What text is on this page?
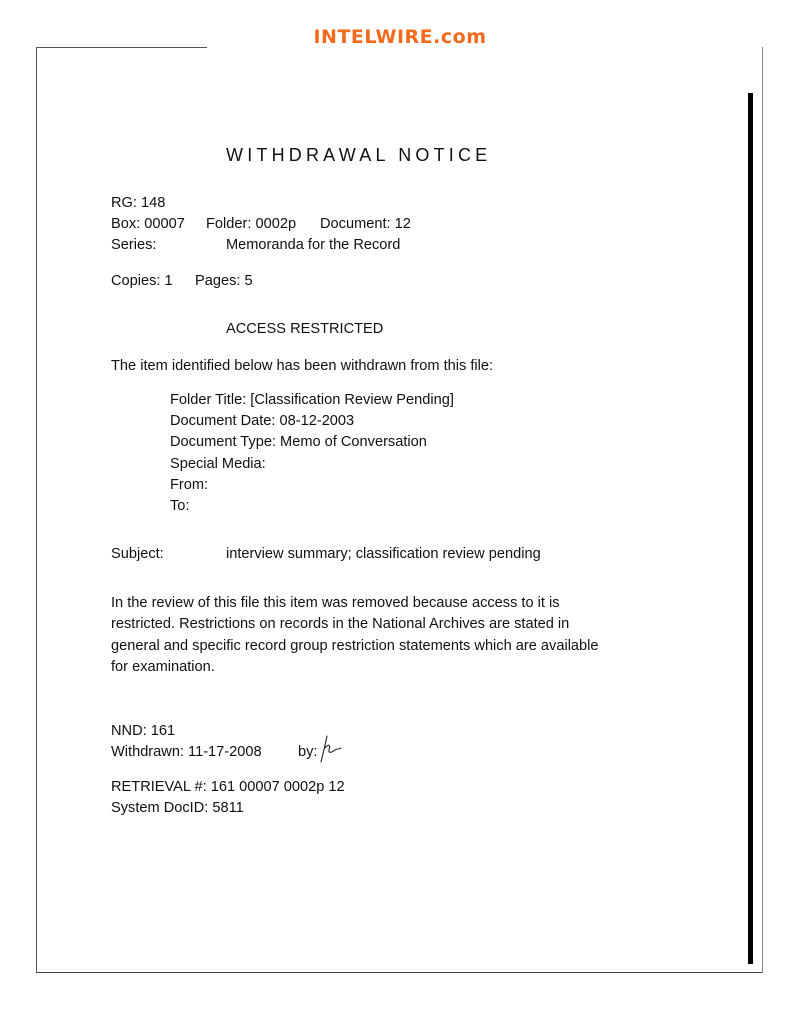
INTELWIRE.com
WITHDRAWAL NOTICE
RG: 148
Box: 00007 Folder: 0002p Document: 12
Series:	Memoranda for the Record
Copies: 1 Pages: 5
ACCESS RESTRICTED
The item identified below has been withdrawn from this file:
Folder Title: [Classification Review Pending]
Document Date: 08-12-2003
Document Type: Memo of Conversation
Special Media:
From:
To:
Subject:	interview summary; classification review pending
In the review of this file this item was removed because access to it is
restricted. Restrictions on records in the National Archives are stated in
general and specific record group restriction statements which are available
for examination.
NND: 161
Withdrawn: 11-17-2008 by:
RETRIEVAL #: 161 00007 0002p 12
System DocID: 5811
